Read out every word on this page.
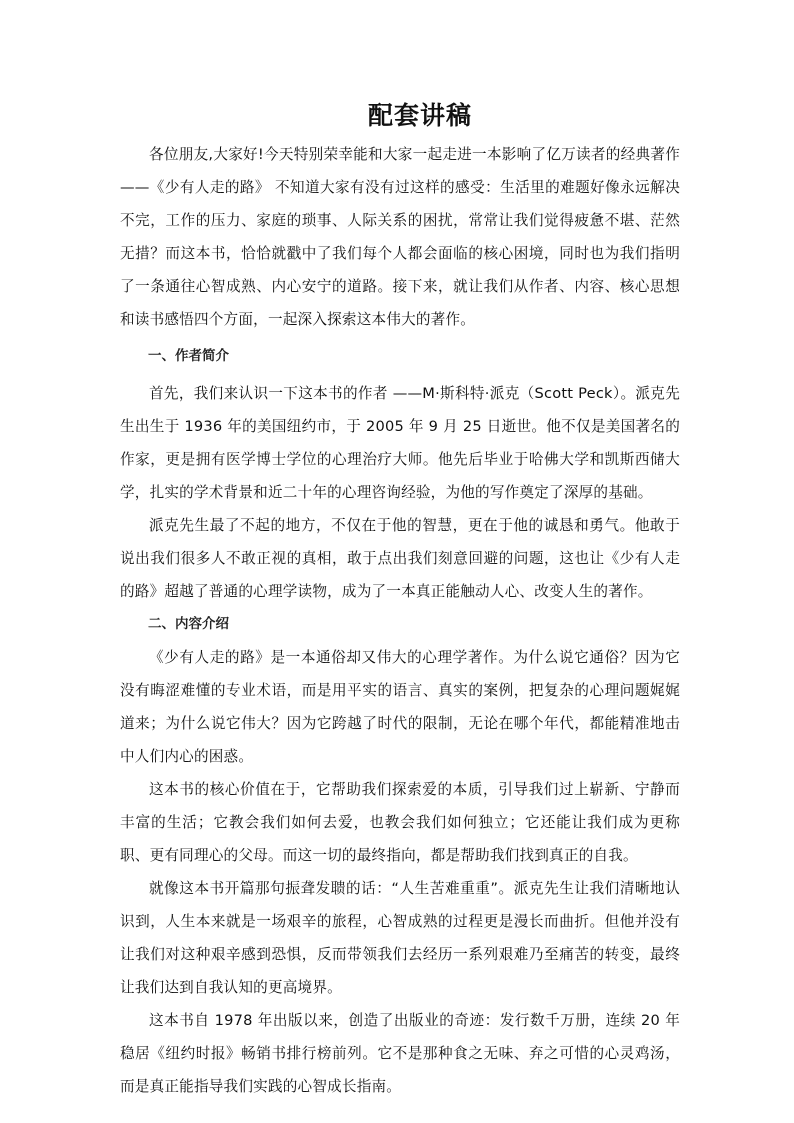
配套讲稿

各位朋友,大家好!今天特别荣幸能和大家一起走进一本影响了亿万读者的经典著作 ——《少有人走的路》 不知道大家有没有过这样的感受：生活里的难题好像永远解决不完，工作的压力、家庭的琐事、人际关系的困扰，常常让我们觉得疲惫不堪、茫然无措？而这本书，恰恰就戳中了我们每个人都会面临的核心困境，同时也为我们指明了一条通往心智成熟、内心安宁的道路。接下来，就让我们从作者、内容、核心思想和读书感悟四个方面，一起深入探索这本伟大的著作。

一、作者简介

首先，我们来认识一下这本书的作者 ——M·斯科特·派克（Scott Peck）。派克先生出生于 1936 年的美国纽约市，于 2005 年 9 月 25 日逝世。他不仅是美国著名的作家，更是拥有医学博士学位的心理治疗大师。他先后毕业于哈佛大学和凯斯西储大学，扎实的学术背景和近二十年的心理咨询经验，为他的写作奠定了深厚的基础。

派克先生最了不起的地方，不仅在于他的智慧，更在于他的诚恳和勇气。他敢于说出我们很多人不敢正视的真相，敢于点出我们刻意回避的问题，这也让《少有人走的路》超越了普通的心理学读物，成为了一本真正能触动人心、改变人生的著作。

二、内容介绍

《少有人走的路》是一本通俗却又伟大的心理学著作。为什么说它通俗？因为它没有晦涩难懂的专业术语，而是用平实的语言、真实的案例，把复杂的心理问题娓娓道来；为什么说它伟大？因为它跨越了时代的限制，无论在哪个年代，都能精准地击中人们内心的困惑。

这本书的核心价值在于，它帮助我们探索爱的本质，引导我们过上崭新、宁静而丰富的生活；它教会我们如何去爱，也教会我们如何独立；它还能让我们成为更称职、更有同理心的父母。而这一切的最终指向，都是帮助我们找到真正的自我。

就像这本书开篇那句振聋发聩的话：“人生苦难重重”。派克先生让我们清晰地认识到，人生本来就是一场艰辛的旅程，心智成熟的过程更是漫长而曲折。但他并没有让我们对这种艰辛感到恐惧，反而带领我们去经历一系列艰难乃至痛苦的转变，最终让我们达到自我认知的更高境界。

这本书自 1978 年出版以来，创造了出版业的奇迹：发行数千万册，连续 20 年稳居《纽约时报》畅销书排行榜前列。它不是那种食之无味、弃之可惜的心灵鸡汤，而是真正能指导我们实践的心智成长指南。
